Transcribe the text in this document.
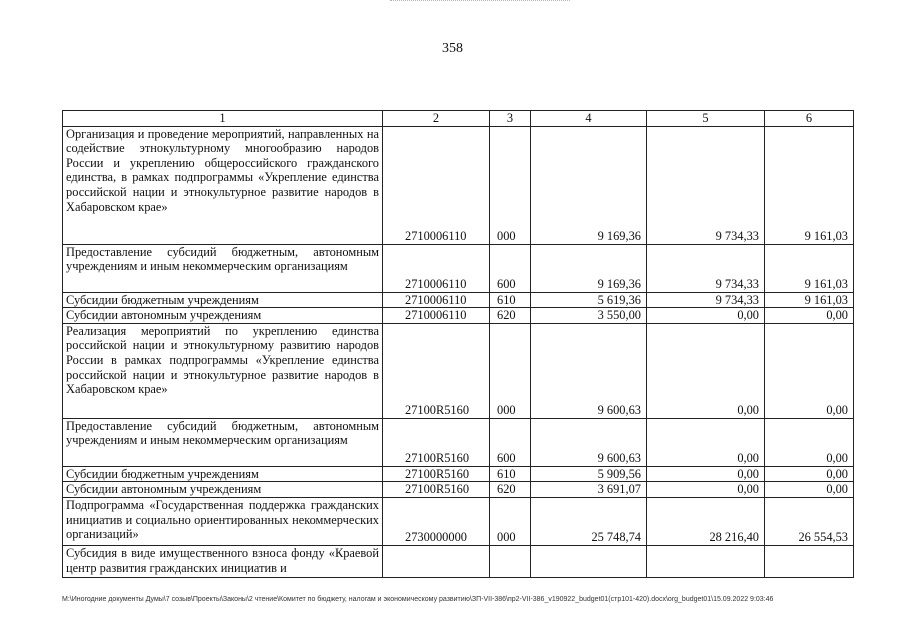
358
1	2	3	4	5	6
Организация и проведение мероприятий, направленных на содействие этнокультурному многообразию народов России и укреплению общероссийского гражданского единства, в рамках подпрограммы «Укрепление единства российской нации и этнокультурное развитие народов в Хабаровском крае»	2710006110	000	9 169,36	9 734,33	9 161,03
Предоставление субсидий бюджетным, автономным учреждениям и иным некоммерческим организациям	2710006110	600	9 169,36	9 734,33	9 161,03
Субсидии бюджетным учреждениям	2710006110	610	5 619,36	9 734,33	9 161,03
Субсидии автономным учреждениям	2710006110	620	3 550,00	0,00	0,00
Реализация мероприятий по укреплению единства российской нации и этнокультурному развитию народов России в рамках подпрограммы «Укрепление единства российской нации и этнокультурное развитие народов в Хабаровском крае»	27100R5160	000	9 600,63	0,00	0,00
Предоставление субсидий бюджетным, автономным учреждениям и иным некоммерческим организациям	27100R5160	600	9 600,63	0,00	0,00
Субсидии бюджетным учреждениям	27100R5160	610	5 909,56	0,00	0,00
Субсидии автономным учреждениям	27100R5160	620	3 691,07	0,00	0,00
Подпрограмма «Государственная поддержка гражданских инициатив и социально ориентированных некоммерческих организаций»	2730000000	000	25 748,74	28 216,40	26 554,53
Субсидия в виде имущественного взноса фонду «Краевой центр развития гражданских инициатив и					
M:\Иногодние документы Думы\7 созыв\Проекты\Законы\2 чтение\Комитет по бюджету, налогам и экономическому развитию\ЗП-VII-386\пр2-VII-386_v190922_budget01(стр101-420).docx\org_budget01\15.09.2022 9:03:46
